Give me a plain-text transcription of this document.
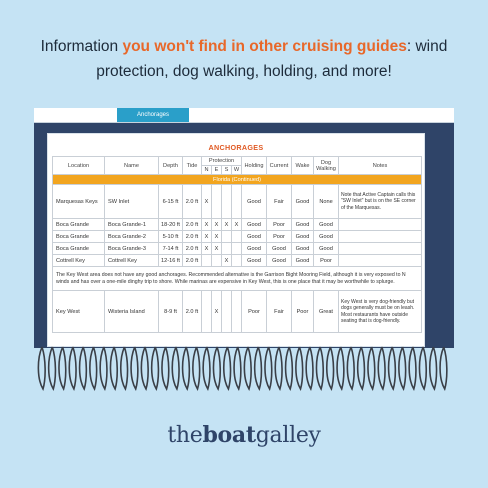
Information you won't find in other cruising guides: wind
protection, dog walking, holding, and more!
Anchorages
ANCHORAGES
Location	Name	Depth	Tide	Protection				Holding	Current	Wake	Dog Walking	Notes
				N	E	S	W					
Florida (Continued)												
Marquesas Keys	SW Inlet	6-15 ft	2.0 ft	X				Good	Fair	Good	None	Note that Active Captain calls this "SW Inlet" but is on the SE corner of the Marquesas.
Boca Grande	Boca Grande-1	18-20 ft	2.0 ft	X	X	X	X	Good	Poor	Good	Good	
Boca Grande	Boca Grande-2	5-10 ft	2.0 ft	X	X			Good	Poor	Good	Good	
Boca Grande	Boca Grande-3	7-14 ft	2.0 ft	X	X			Good	Good	Good	Good	
Cottrell Key	Cottrell Key	12-16 ft	2.0 ft			X		Good	Good	Good	Poor	
The Key West area does not have any good anchorages. Recommended alternative is the Garrison Bight Mooring Field, although it is very exposed to N winds and has over a one-mile dinghy trip to shore. While marinas are expensive in Key West, this is one place that it may be worthwhile to splurge.												
Key West	Wisteria Island	8-9 ft	2.0 ft		X			Poor	Fair	Poor	Great	Key West is very dog-friendly but dogs generally must be on leash. Most restaurants have outside seating that is dog-friendly.
theboatgalley
